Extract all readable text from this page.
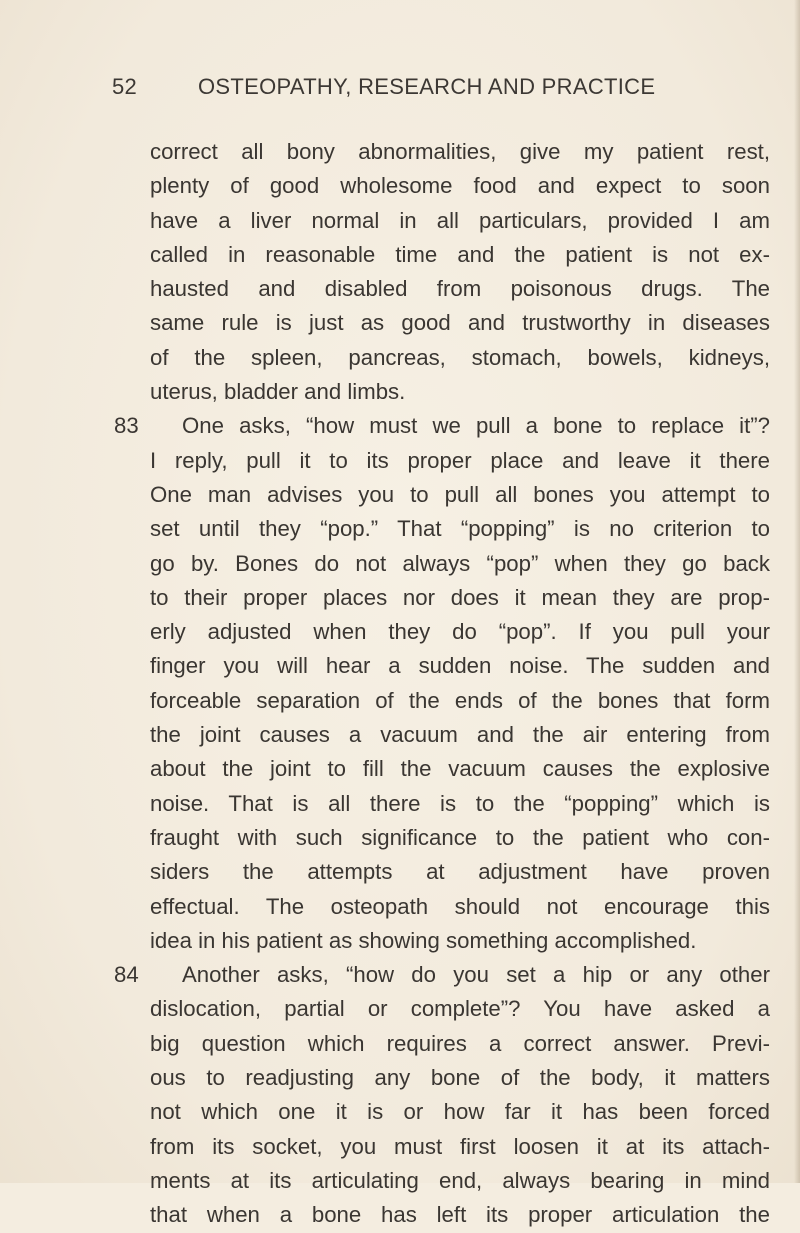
52	OSTEOPATHY, RESEARCH AND PRACTICE
correct all bony abnormalities, give my patient rest,
plenty of good wholesome food and expect to soon
have a liver normal in all particulars, provided I am
called in reasonable time and the patient is not ex-
hausted and disabled from poisonous drugs. The
same rule is just as good and trustworthy in diseases
of the spleen, pancreas, stomach, bowels, kidneys,
uterus, bladder and limbs.
83 One asks, “how must we pull a bone to replace it”?
I reply, pull it to its proper place and leave it there
One man advises you to pull all bones you attempt to
set until they “pop.” That “popping” is no criterion to
go by. Bones do not always “pop” when they go back
to their proper places nor does it mean they are prop-
erly adjusted when they do “pop”. If you pull your
finger you will hear a sudden noise. The sudden and
forceable separation of the ends of the bones that form
the joint causes a vacuum and the air entering from
about the joint to fill the vacuum causes the explosive
noise. That is all there is to the “popping” which is
fraught with such significance to the patient who con-
siders the attempts at adjustment have proven
effectual. The osteopath should not encourage this
idea in his patient as showing something accomplished.
84 Another asks, “how do you set a hip or any other
dislocation, partial or complete”? You have asked a
big question which requires a correct answer. Previ-
ous to readjusting any bone of the body, it matters
not which one it is or how far it has been forced
from its socket, you must first loosen it at its attach-
ments at its articulating end, always bearing in mind
that when a bone has left its proper articulation the
